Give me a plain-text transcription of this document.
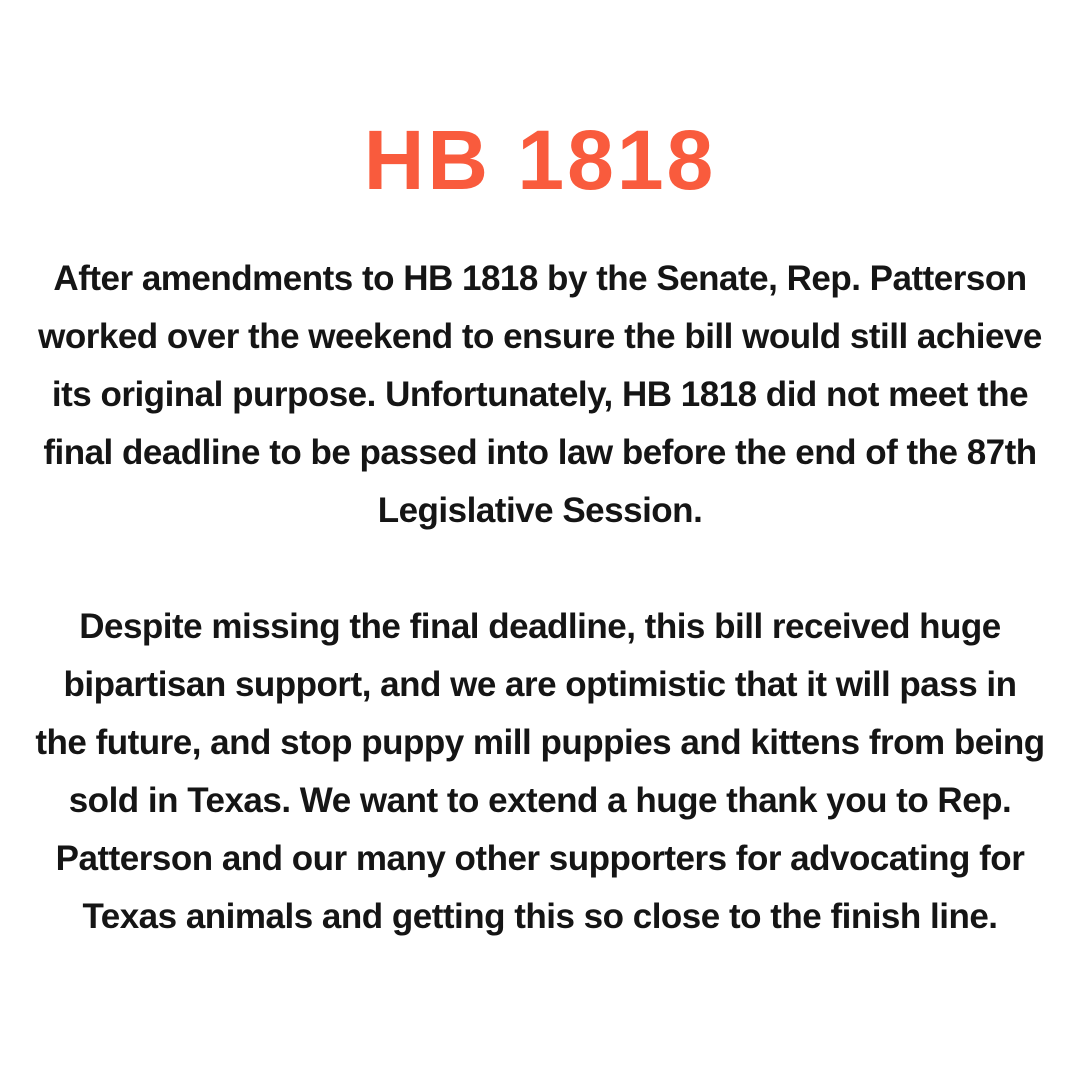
HB 1818

After amendments to HB 1818 by the Senate, Rep. Patterson worked over the weekend to ensure the bill would still achieve its original purpose. Unfortunately, HB 1818 did not meet the final deadline to be passed into law before the end of the 87th Legislative Session.

Despite missing the final deadline, this bill received huge bipartisan support, and we are optimistic that it will pass in the future, and stop puppy mill puppies and kittens from being sold in Texas. We want to extend a huge thank you to Rep. Patterson and our many other supporters for advocating for Texas animals and getting this so close to the finish line.
